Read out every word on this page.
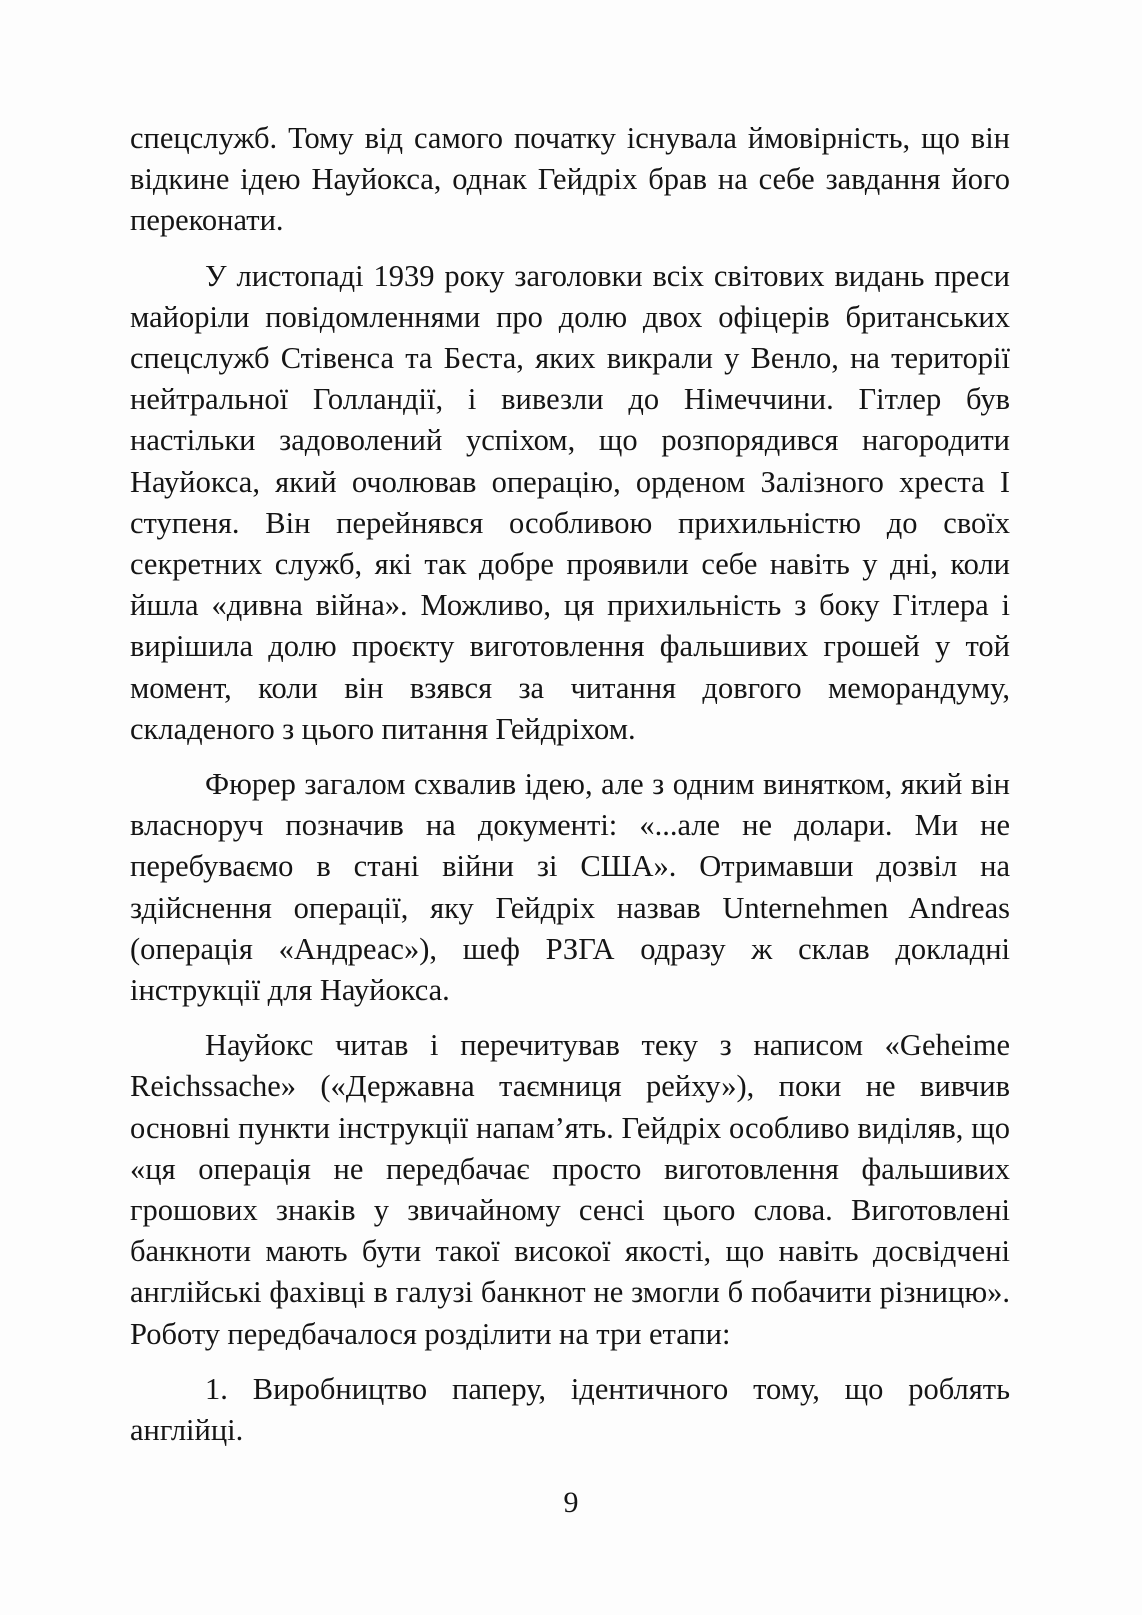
спецслужб. Тому від самого початку існувала ймовірність, що він відкине ідею Науйокса, однак Гейдріх брав на себе завдання його переконати.

У листопаді 1939 року заголовки всіх світових видань преси майоріли повідомленнями про долю двох офіцерів британських спецслужб Стівенса та Беста, яких викрали у Венло, на території нейтральної Голландії, і вивезли до Німеччини. Гітлер був настільки задоволений успіхом, що розпорядився нагородити Науйокса, який очолював операцію, орденом Залізного хреста І ступеня. Він перейнявся особливою прихильністю до своїх секретних служб, які так добре проявили себе навіть у дні, коли йшла «дивна війна». Можливо, ця прихильність з боку Гітлера і вирішила долю проєкту виготовлення фальшивих грошей у той момент, коли він взявся за читання довгого меморандуму, складеного з цього питання Гейдріхом.

Фюрер загалом схвалив ідею, але з одним винятком, який він власноруч позначив на документі: «...але не долари. Ми не перебуваємо в стані війни зі США». Отримавши дозвіл на здійснення операції, яку Гейдріх назвав Unternehmen Andreas (операція «Андреас»), шеф РЗГА одразу ж склав докладні інструкції для Науйокса.

Науйокс читав і перечитував теку з написом «Geheime Reichssache» («Державна таємниця рейху»), поки не вивчив основні пункти інструкції напам’ять. Гейдріх особливо виділяв, що «ця операція не передбачає просто виготовлення фальшивих грошових знаків у звичайному сенсі цього слова. Виготовлені банкноти мають бути такої високої якості, що навіть досвідчені англійські фахівці в галузі банкнот не змогли б побачити різницю». Роботу передбачалося розділити на три етапи:

1. Виробництво паперу, ідентичного тому, що роблять англійці.

9
